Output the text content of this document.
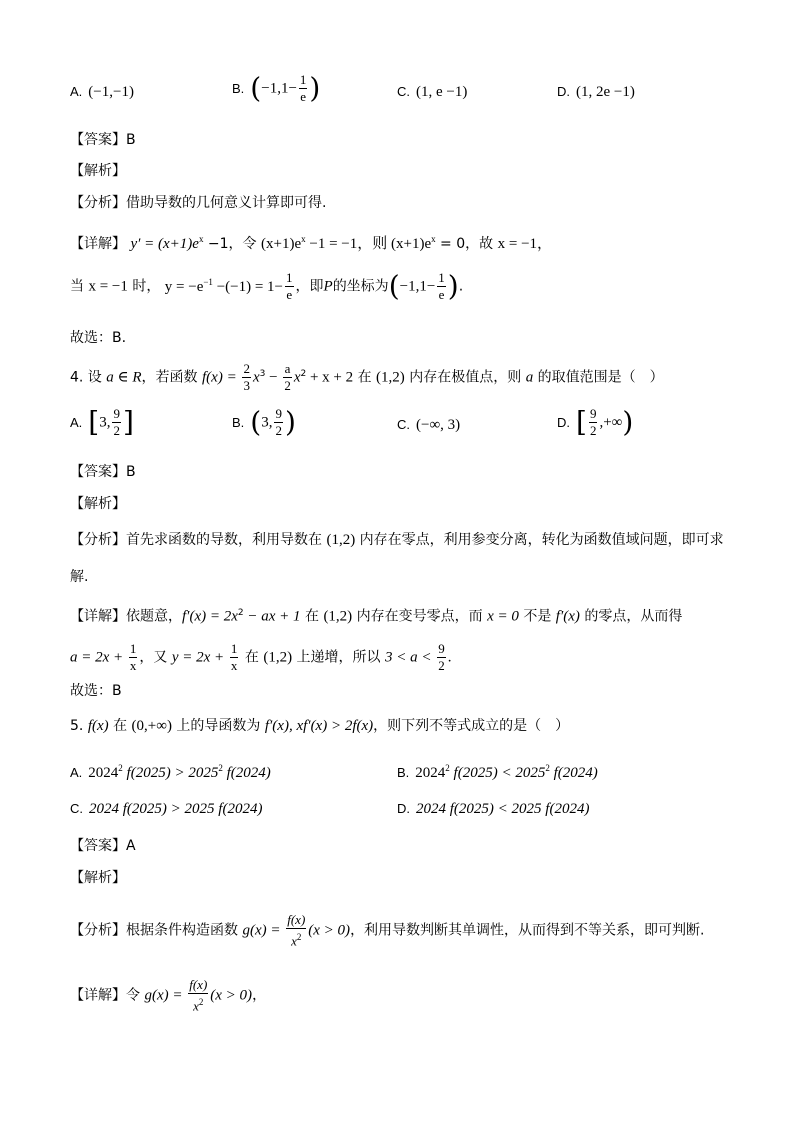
A. (−1,−1)	B. ($-1,1- \frac{1}{e}$ )	C. (1, e −1)	D. (1, 2e −1)
【答案】B
【解析】
【分析】借助导数的几何意义计算即可得.
【详解】 $y' = (x+1)e^x -1$，令 $(x+1)e^x -1 = -1$，则 $(x+1)e^x = 0$，故 x = −1，
当 x = −1 时， $y = -e^{-1} -(-1) = 1- \frac{1}{e}$ ，即P的坐标为($-1,1- \frac{1}{e}$ ).
故选：B.
4. 设 a ∈ R，若函数 $f(x) = \frac{2}{3} x^3 - \frac{a}{2} x^2 + x + 2$ 在 (1,2) 内存在极值点，则 a 的取值范围是（　）
A. [3, $\frac{9}{2}$ ]	B. (3, $\frac{9}{2}$ )	C. (−∞, 3)	D. [ $\frac{9}{2}$ ,+∞)
【答案】B
【解析】
【分析】首先求函数的导数，利用导数在 (1,2) 内存在零点，利用参变分离，转化为函数值域问题，即可求
解.
【详解】依题意，$f'(x) = 2x^2$ − ax + 1 在 (1,2) 内存在变号零点，而 x = 0 不是 f′(x) 的零点，从而得
$a = 2x + \frac{1}{x}$ ，又 $y = 2x + \frac{1}{x}$ 在 (1,2) 上递增，所以 $3 < a < \frac{9}{2}$ .
故选：B
5. f(x) 在 (0,+∞) 上的导函数为 f′(x), xf′(x) > 2f(x)，则下列不等式成立的是（　）
A. 2024$^2$ $f(2025) > 2025^2$ f(2024)	B. 2024$^2$ $f(2025) < 2025^2$ f(2024)
C. 2024 f(2025) > 2025 f(2024)	D. 2024 f(2025) < 2025 f(2024)
【答案】A
【解析】
【分析】根据条件构造函数 $g(x) = \frac{f(x)}{x^2} (x > 0)$，利用导数判断其单调性，从而得到不等关系，即可判断.
【详解】令 $g(x) = \frac{f(x)}{x^2} (x > 0)$，
